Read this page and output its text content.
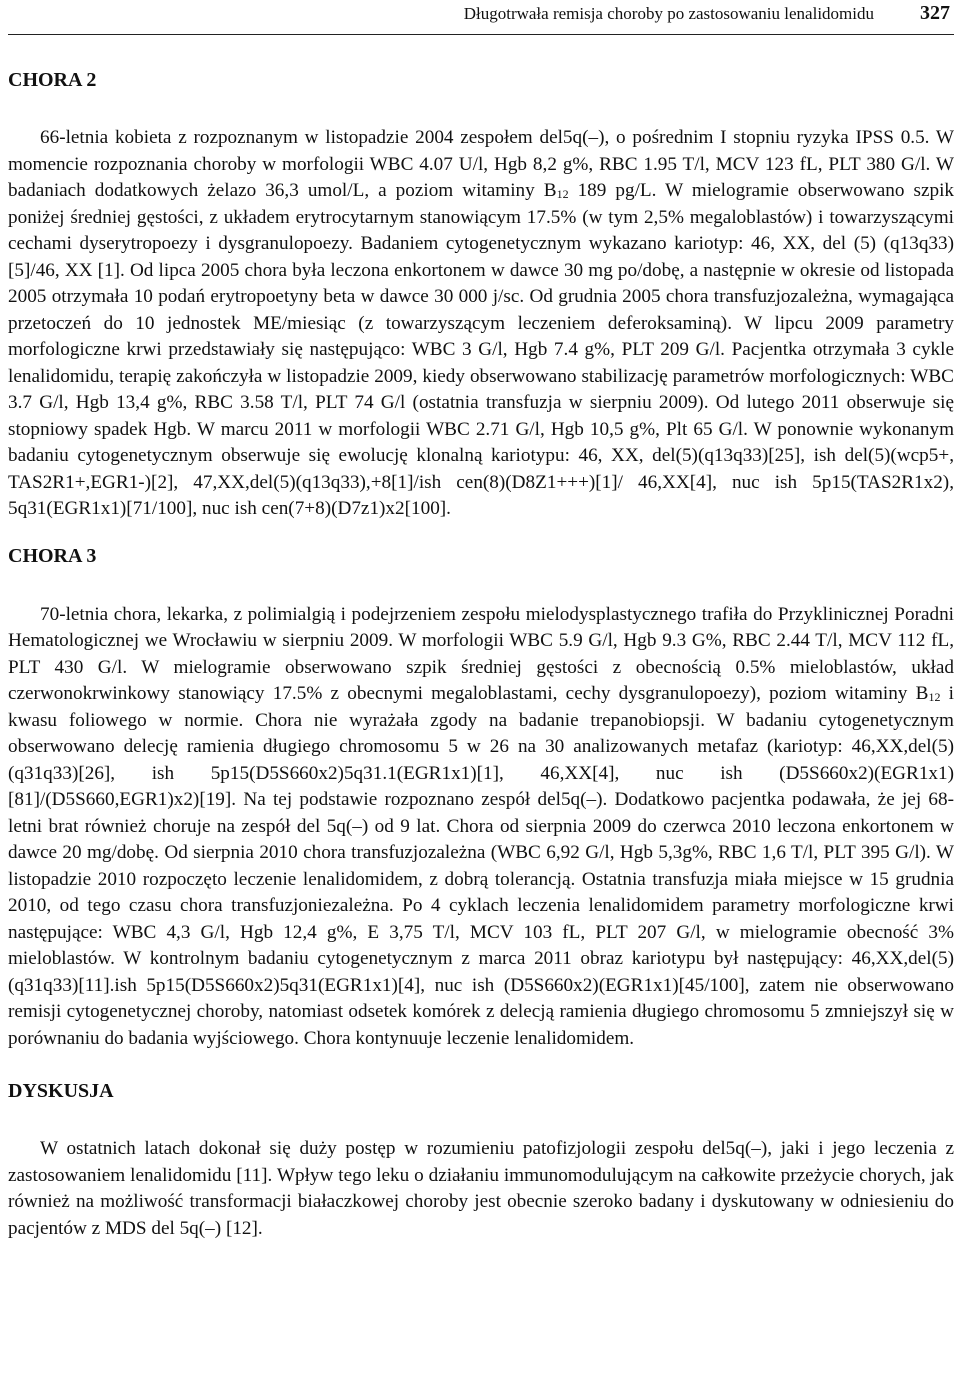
Długotrwała remisja choroby po zastosowaniu lenalidomidu 327
CHORA 2

66-letnia kobieta z rozpoznanym w listopadzie 2004 zespołem del5q(–), o pośrednim I stopniu ryzyka IPSS 0.5. W momencie rozpoznania choroby w morfologii WBC 4.07 U/l, Hgb 8,2 g%, RBC 1.95 T/l, MCV 123 fL, PLT 380 G/l. W badaniach dodatkowych żelazo 36,3 umol/L, a poziom witaminy $B_{12}$ 189 pg/L. W mielogramie obserwowano szpik poniżej średniej gęstości, z układem erytrocytarnym stanowiącym 17.5% (w tym 2,5% megaloblastów) i towarzyszącymi cechami dyserytropoezy i dysgranulopoezy. Badaniem cytogenetycznym wykazano kariotyp: 46, XX, del (5) (q13q33) [5]/46, XX [1]. Od lipca 2005 chora była leczona enkortonem w dawce 30 mg po/dobę, a następnie w okresie od listopada 2005 otrzymała 10 podań erytropoetyny beta w dawce 30 000 j/sc. Od grudnia 2005 chora transfuzjozależna, wymagająca przetoczeń do 10 jednostek ME/miesiąc (z towarzyszącym leczeniem deferoksaminą). W lipcu 2009 parametry morfologiczne krwi przedstawiały się następująco: WBC 3 G/l, Hgb 7.4 g%, PLT 209 G/l. Pacjentka otrzymała 3 cykle lenalidomidu, terapię zakończyła w listopadzie 2009, kiedy obserwowano stabilizację parametrów morfologicznych: WBC 3.7 G/l, Hgb 13,4 g%, RBC 3.58 T/l, PLT 74 G/l (ostatnia transfuzja w sierpniu 2009). Od lutego 2011 obserwuje się stopniowy spadek Hgb. W marcu 2011 w morfologii WBC 2.71 G/l, Hgb 10,5 g%, Plt 65 G/l. W ponownie wykonanym badaniu cytogenetycznym obserwuje się ewolucję klonalną kariotypu: 46, XX, del(5)(q13q33)[25], ish del(5)(wcp5+, TAS2R1+,EGR1-)[2], 47,XX,del(5)(q13q33),+8[1]/ish cen(8)(D8Z1+++)[1]/ 46,XX[4], nuc ish 5p15(TAS2R1x2), 5q31(EGR1x1)[71/100], nuc ish cen(7+8)(D7z1)x2[100].

CHORA 3

70-letnia chora, lekarka, z polimialgią i podejrzeniem zespołu mielodysplastycznego trafiła do Przyklinicznej Poradni Hematologicznej we Wrocławiu w sierpniu 2009. W morfologii WBC 5.9 G/l, Hgb 9.3 G%, RBC 2.44 T/l, MCV 112 fL, PLT 430 G/l. W mielogramie obserwowano szpik średniej gęstości z obecnością 0.5% mieloblastów, układ czerwonokrwinkowy stanowiący 17.5% z obecnymi megaloblastami, cechy dysgranulopoezy), poziom witaminy $B_{12}$ i kwasu foliowego w normie. Chora nie wyrażała zgody na badanie trepanobiopsji. W badaniu cytogenetycznym obserwowano delecję ramienia długiego chromosomu 5 w 26 na 30 analizowanych metafaz (kariotyp: 46,XX,del(5)(q31q33)[26], ish 5p15(D5S660x2)5q31.1(EGR1x1)[1], 46,XX[4], nuc ish (D5S660x2)(EGR1x1)[81]/(D5S660,EGR1)x2)[19]. Na tej podstawie rozpoznano zespół del5q(–). Dodatkowo pacjentka podawała, że jej 68-letni brat również choruje na zespół del 5q(–) od 9 lat. Chora od sierpnia 2009 do czerwca 2010 leczona enkortonem w dawce 20 mg/dobę. Od sierpnia 2010 chora transfuzjozależna (WBC 6,92 G/l, Hgb 5,3g%, RBC 1,6 T/l, PLT 395 G/l). W listopadzie 2010 rozpoczęto leczenie lenalidomidem, z dobrą tolerancją. Ostatnia transfuzja miała miejsce w 15 grudnia 2010, od tego czasu chora transfuzjoniezależna. Po 4 cyklach leczenia lenalidomidem parametry morfologiczne krwi następujące: WBC 4,3 G/l, Hgb 12,4 g%, E 3,75 T/l, MCV 103 fL, PLT 207 G/l, w mielogramie obecność 3% mieloblastów. W kontrolnym badaniu cytogenetycznym z marca 2011 obraz kariotypu był następujący: 46,XX,del(5)(q31q33)[11].ish 5p15(D5S660x2)5q31(EGR1x1)[4], nuc ish (D5S660x2)(EGR1x1)[45/100], zatem nie obserwowano remisji cytogenetycznej choroby, natomiast odsetek komórek z delecją ramienia długiego chromosomu 5 zmniejszył się w porównaniu do badania wyjściowego. Chora kontynuuje leczenie lenalidomidem.

DYSKUSJA

W ostatnich latach dokonał się duży postęp w rozumieniu patofizjologii zespołu del5q(–), jaki i jego leczenia z zastosowaniem lenalidomidu [11]. Wpływ tego leku o działaniu immunomodulującym na całkowite przeżycie chorych, jak również na możliwość transformacji białaczkowej choroby jest obecnie szeroko badany i dyskutowany w odniesieniu do pacjentów z MDS del 5q(–) [12].
